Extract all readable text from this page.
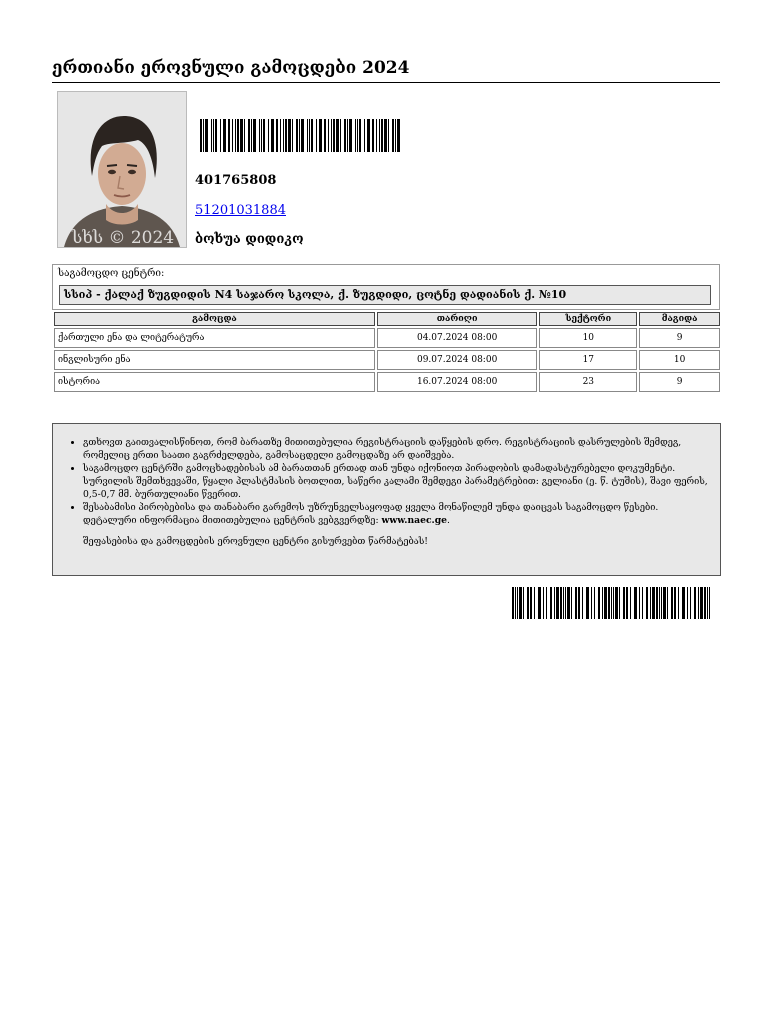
ერთიანი ეროვნული გამოცდები 2024
სხს © 2024
401765808
51201031884
ბოხუა დიდიკო
საგამოცდო ცენტრი:
სსიპ - ქალაქ ზუგდიდის N4 საჯარო სკოლა, ქ. ზუგდიდი, ცოტნე დადიანის ქ. №10
გამოცდა	თარიღი	სექტორი	მაგიდა
ქართული ენა და ლიტერატურა	04.07.2024 08:00	10	9
ინგლისური ენა	09.07.2024 08:00	17	10
ისტორია	16.07.2024 08:00	23	9
• გთხოვთ გაითვალისწინოთ, რომ ბარათზე მითითებულია რეგისტრაციის დაწყების დრო. რეგისტრაციის დასრულების შემდეგ, რომელიც ერთი საათი გაგრძელდება, გამოსაცდელი გამოცდაზე არ დაიშვება.
• საგამოცდო ცენტრში გამოცხადებისას ამ ბარათთან ერთად თან უნდა იქონიოთ პირადობის დამადასტურებელი დოკუმენტი. სურვილის შემთხვევაში, წყალი პლასტმასის ბოთლით, საწერი კალამი შემდეგი პარამეტრებით: გელიანი (ე. წ. ტუშის), შავი ფერის, 0,5-0,7 მმ. ბურთულიანი წვერით.
• შესაბამისი პირობებისა და თანაბარი გარემოს უზრუნველსაყოფად ყველა მონაწილემ უნდა დაიცვას საგამოცდო წესები. დეტალური ინფორმაცია მითითებულია ცენტრის ვებგვერდზე: www.naec.ge.
შეფასებისა და გამოცდების ეროვნული ცენტრი გისურვებთ წარმატებას!
